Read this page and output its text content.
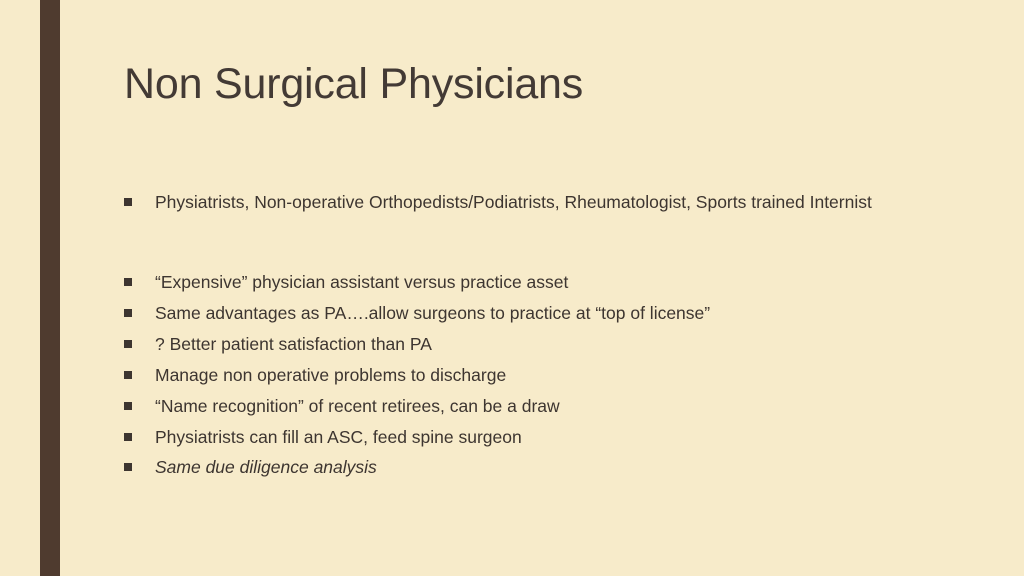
Non Surgical Physicians
Physiatrists, Non-operative Orthopedists/Podiatrists, Rheumatologist, Sports trained Internist
“Expensive” physician assistant versus practice asset
Same advantages as PA….allow surgeons to practice at “top of license”
? Better patient satisfaction than PA
Manage non operative problems to discharge
“Name recognition” of recent retirees, can be a draw
Physiatrists can fill an ASC, feed spine surgeon
Same due diligence analysis
